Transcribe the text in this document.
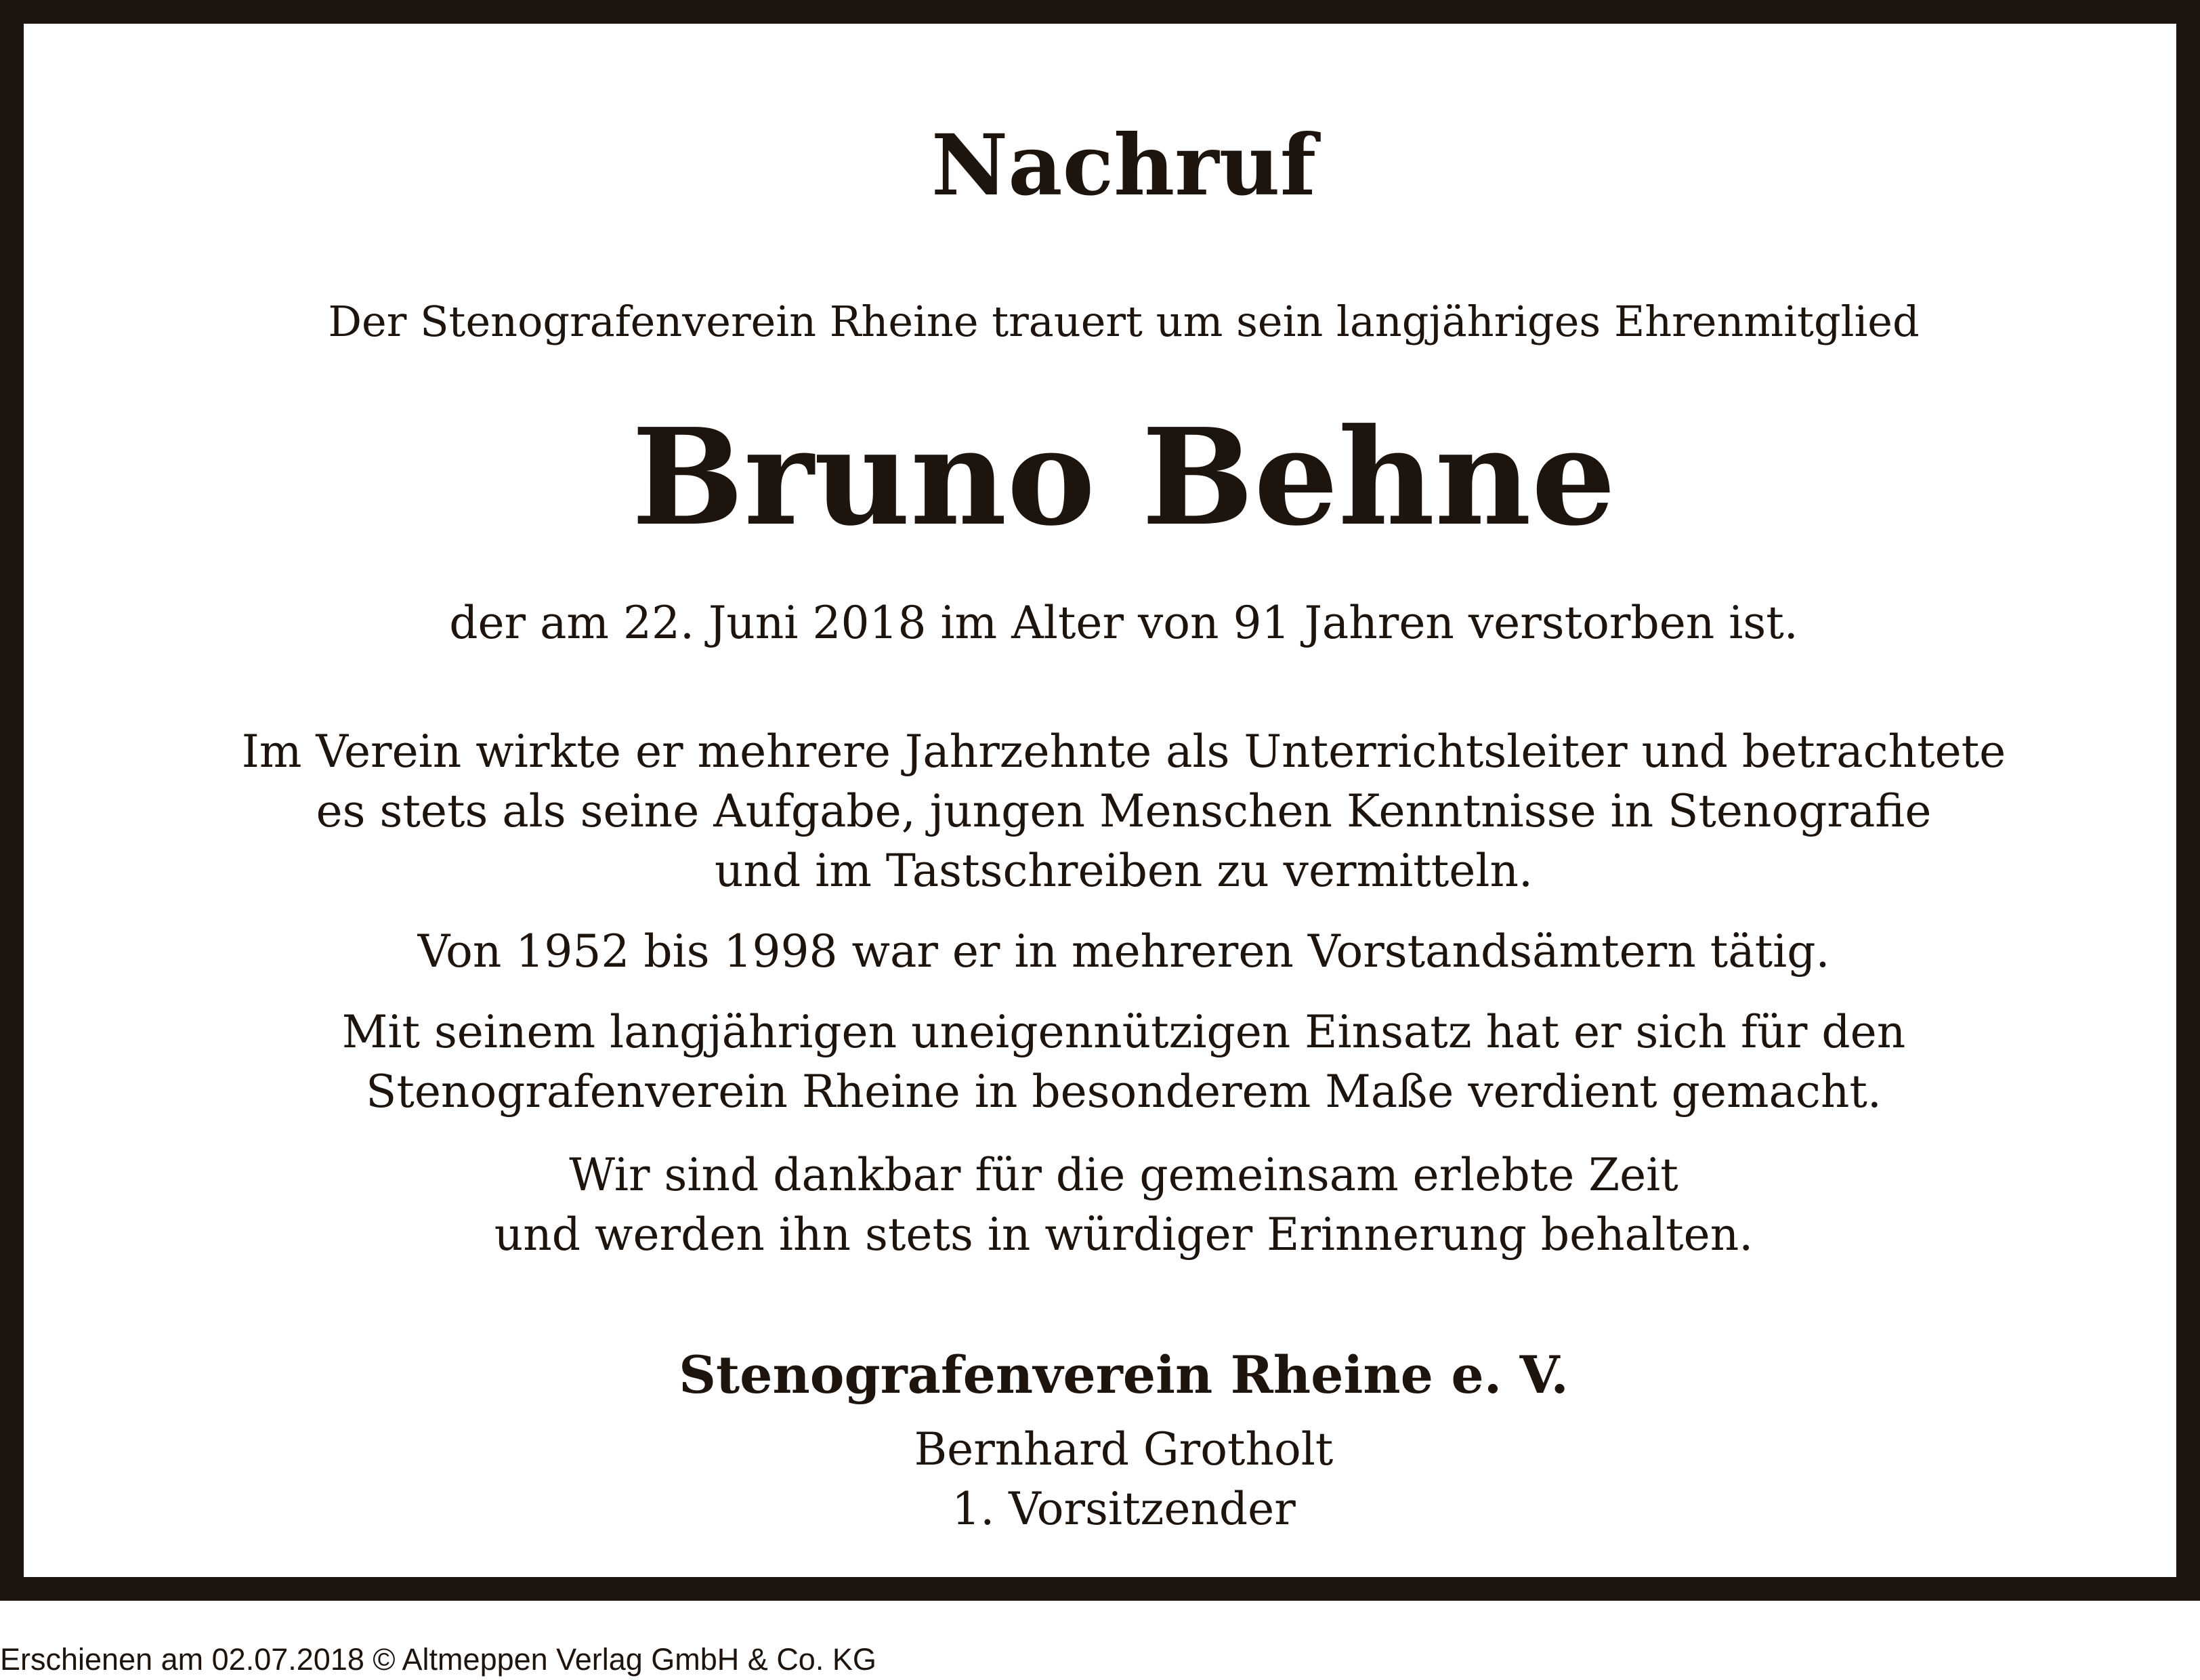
Nachruf
Der Stenografenverein Rheine trauert um sein langjähriges Ehrenmitglied
Bruno Behne
der am 22. Juni 2018 im Alter von 91 Jahren verstorben ist.
Im Verein wirkte er mehrere Jahrzehnte als Unterrichtsleiter und betrachtete
es stets als seine Aufgabe, jungen Menschen Kenntnisse in Stenografie
und im Tastschreiben zu vermitteln.
Von 1952 bis 1998 war er in mehreren Vorstandsämtern tätig.
Mit seinem langjährigen uneigennützigen Einsatz hat er sich für den
Stenografenverein Rheine in besonderem Maße verdient gemacht.
Wir sind dankbar für die gemeinsam erlebte Zeit
und werden ihn stets in würdiger Erinnerung behalten.
Stenografenverein Rheine e. V.
Bernhard Grotholt
1. Vorsitzender
Erschienen am 02.07.2018 © Altmeppen Verlag GmbH & Co. KG
